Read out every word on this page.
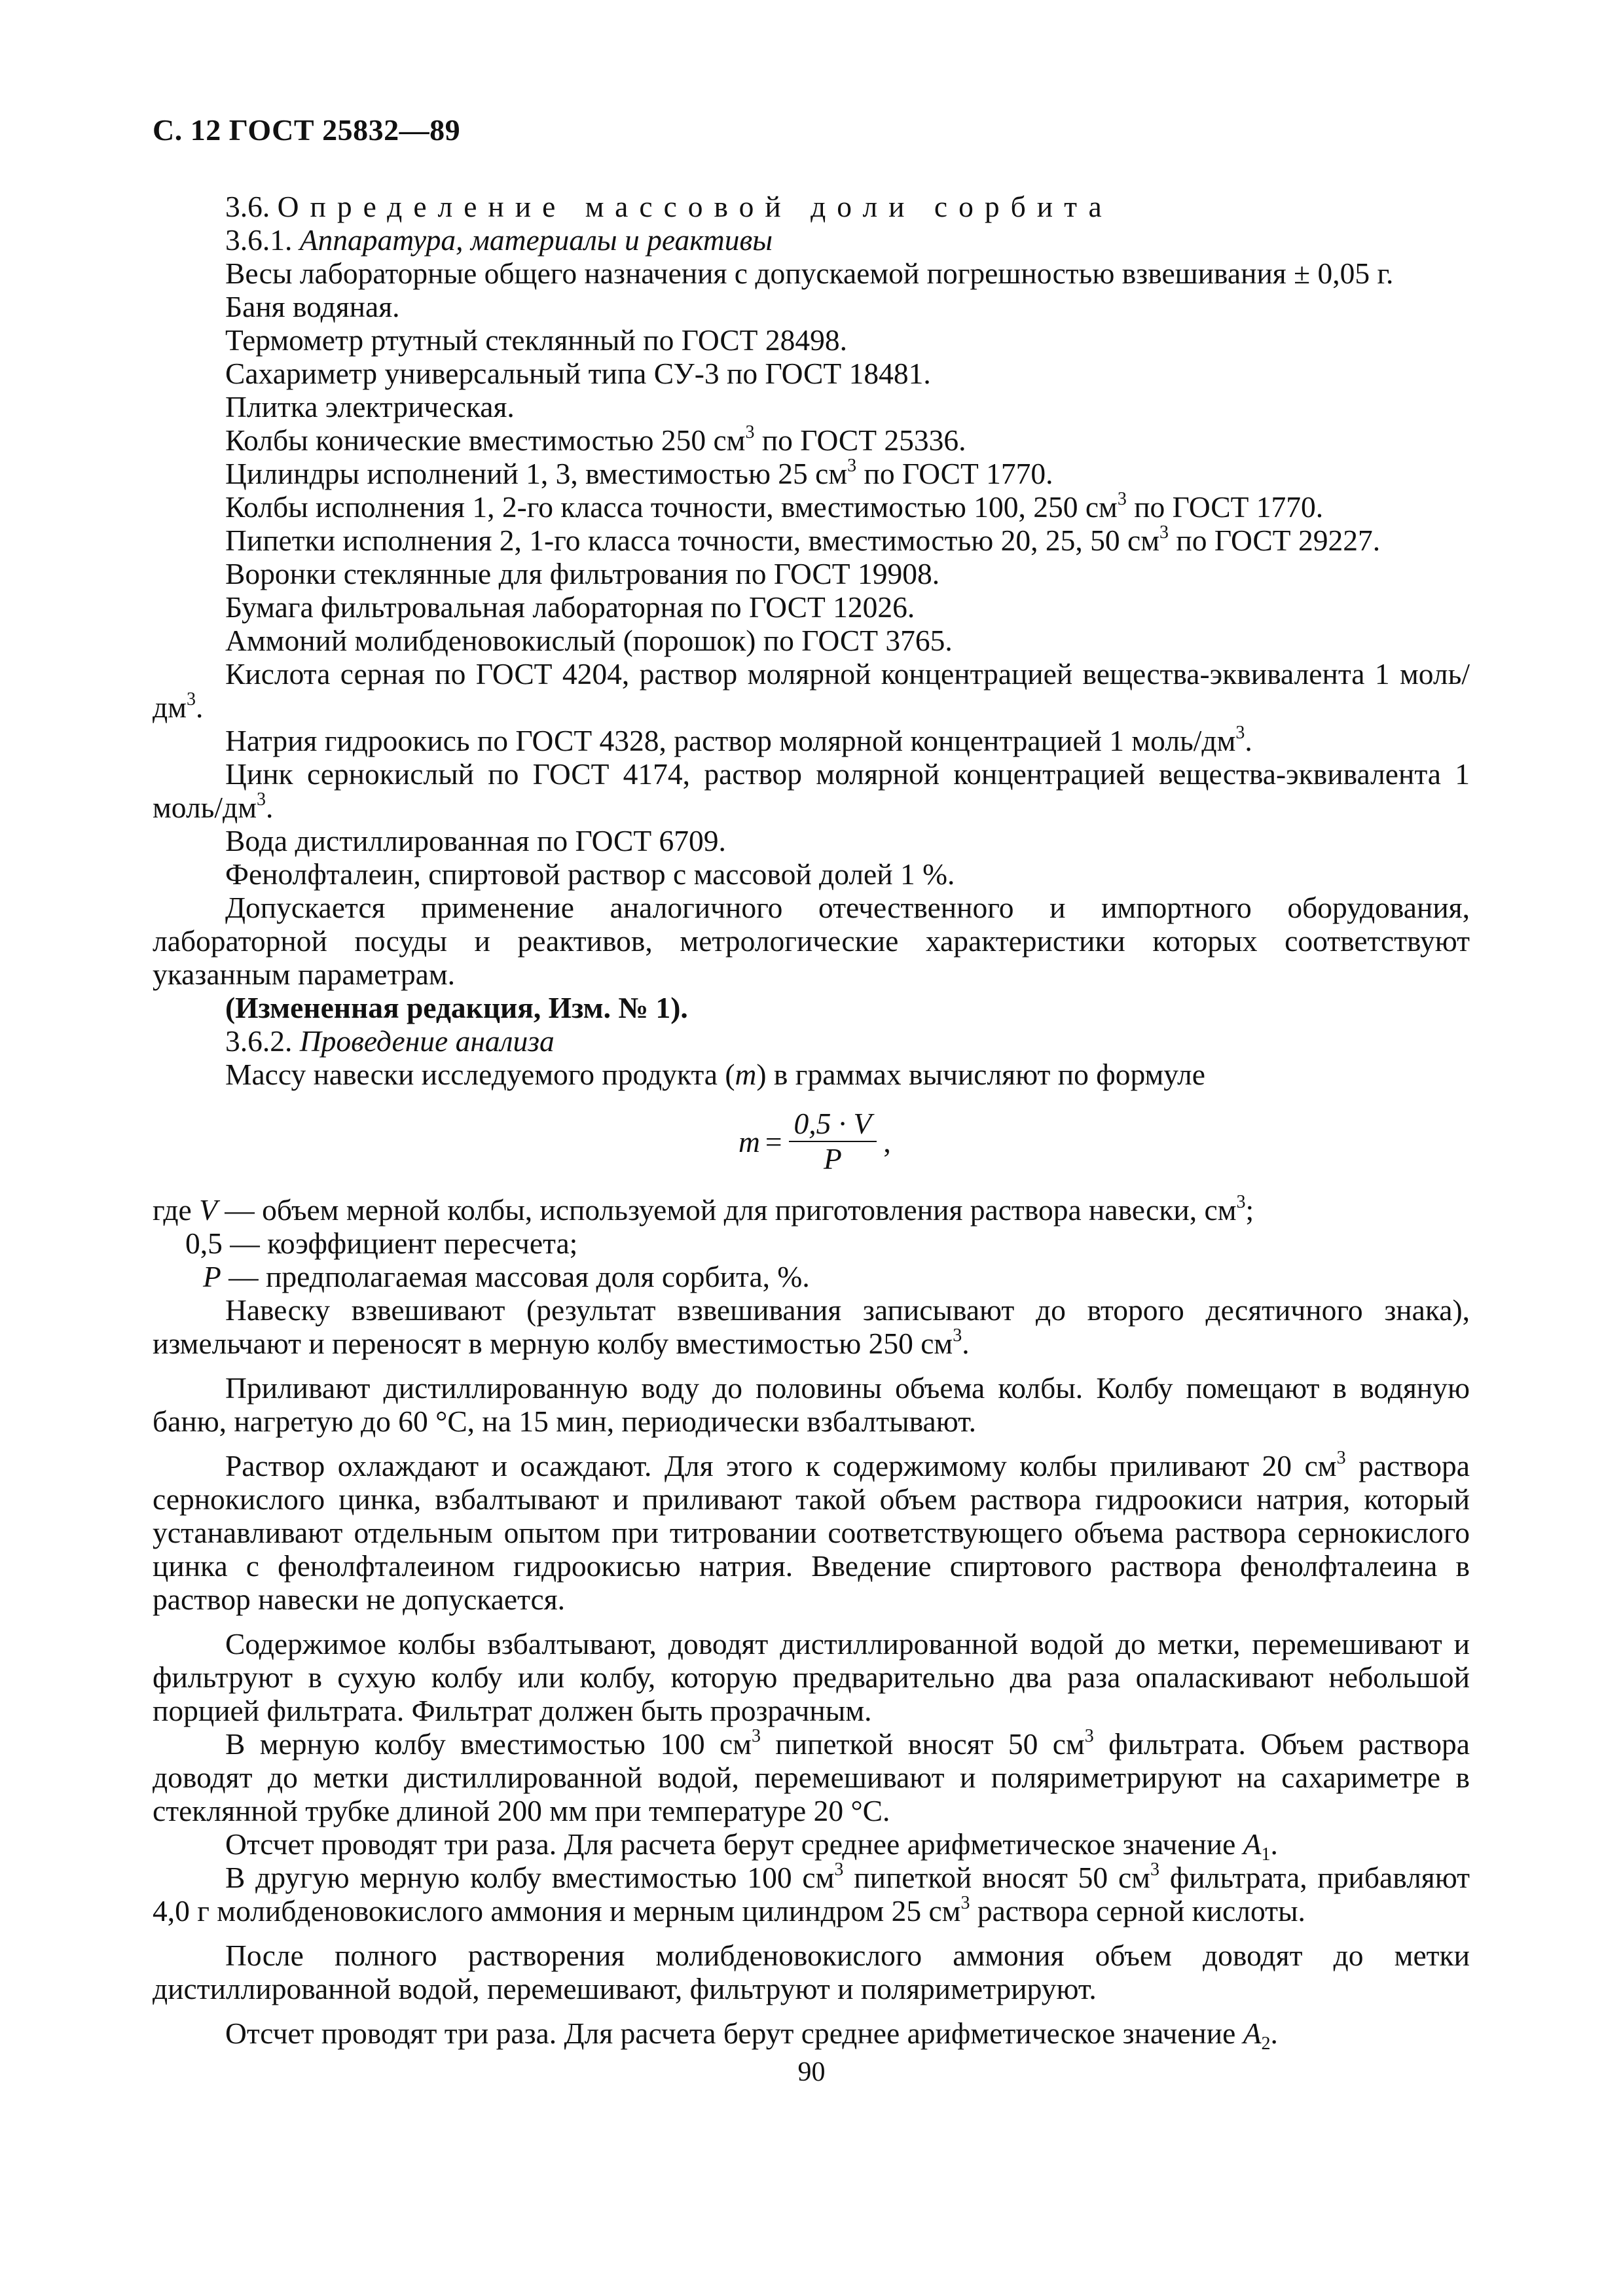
С. 12 ГОСТ 25832—89

3.6. Определение массовой доли сорбита

3.6.1. Аппаратура, материалы и реактивы

Весы лабораторные общего назначения с допускаемой погрешностью взвешивания ± 0,05 г.

Баня водяная.

Термометр ртутный стеклянный по ГОСТ 28498.

Сахариметр универсальный типа СУ-3 по ГОСТ 18481.

Плитка электрическая.

Колбы конические вместимостью 250 $см^3$ по ГОСТ 25336.

Цилиндры исполнений 1, 3, вместимостью 25 $см^3$ по ГОСТ 1770.

Колбы исполнения 1, 2-го класса точности, вместимостью 100, 250 $см^3$ по ГОСТ 1770.

Пипетки исполнения 2, 1-го класса точности, вместимостью 20, 25, 50 $см^3$ по ГОСТ 29227.

Воронки стеклянные для фильтрования по ГОСТ 19908.

Бумага фильтровальная лабораторная по ГОСТ 12026.

Аммоний молибденовокислый (порошок) по ГОСТ 3765.

Кислота серная по ГОСТ 4204, раствор молярной концентрацией вещества-эквивалента 1 моль/$дм^3$.

Натрия гидроокись по ГОСТ 4328, раствор молярной концентрацией 1 моль/$дм^3$.

Цинк сернокислый по ГОСТ 4174, раствор молярной концентрацией вещества-эквивалента 1 моль/$дм^3$.

Вода дистиллированная по ГОСТ 6709.

Фенолфталеин, спиртовой раствор с массовой долей 1 %.

Допускается применение аналогичного отечественного и импортного оборудования, лабораторной посуды и реактивов, метрологические характеристики которых соответствуют указанным параметрам.

(Измененная редакция, Изм. № 1).

3.6.2. Проведение анализа

Массу навески исследуемого продукта (m) в граммах вычисляют по формуле

$m = \frac{0,5 \cdot V}{P}$ ,

где V — объем мерной колбы, используемой для приготовления раствора навески, $см^3$;

0,5 — коэффициент пересчета;

P — предполагаемая массовая доля сорбита, %.

Навеску взвешивают (результат взвешивания записывают до второго десятичного знака), измельчают и переносят в мерную колбу вместимостью 250 $см^3$.

Приливают дистиллированную воду до половины объема колбы. Колбу помещают в водяную баню, нагретую до 60 °С, на 15 мин, периодически взбалтывают.

Раствор охлаждают и осаждают. Для этого к содержимому колбы приливают 20 $см^3$ раствора сернокислого цинка, взбалтывают и приливают такой объем раствора гидроокиси натрия, который устанавливают отдельным опытом при титровании соответствующего объема раствора сернокислого цинка с фенолфталеином гидроокисью натрия. Введение спиртового раствора фенолфталеина в раствор навески не допускается.

Содержимое колбы взбалтывают, доводят дистиллированной водой до метки, перемешивают и фильтруют в сухую колбу или колбу, которую предварительно два раза опаласкивают небольшой порцией фильтрата. Фильтрат должен быть прозрачным.

В мерную колбу вместимостью 100 $см^3$ пипеткой вносят 50 $см^3$ фильтрата. Объем раствора доводят до метки дистиллированной водой, перемешивают и поляриметрируют на сахариметре в стеклянной трубке длиной 200 мм при температуре 20 °С.

Отсчет проводят три раза. Для расчета берут среднее арифметическое значение $A_1$.

В другую мерную колбу вместимостью 100 $см^3$ пипеткой вносят 50 $см^3$ фильтрата, прибавляют 4,0 г молибденовокислого аммония и мерным цилиндром 25 $см^3$ раствора серной кислоты.

После полного растворения молибденовокислого аммония объем доводят до метки дистиллированной водой, перемешивают, фильтруют и поляриметрируют.

Отсчет проводят три раза. Для расчета берут среднее арифметическое значение $A_2$.

90
